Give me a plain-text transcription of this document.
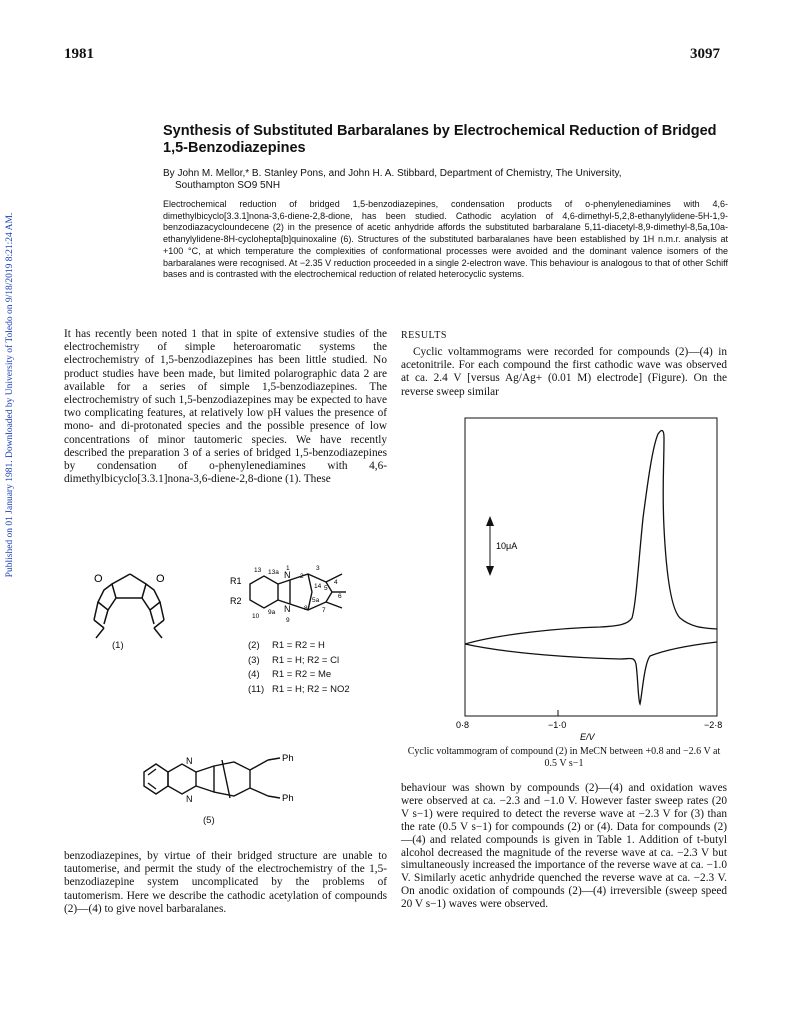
1981	3097
Published on 01 January 1981. Downloaded by University of Toledo on 9/18/2019 8:21:24 AM.
Synthesis of Substituted Barbaralanes by Electrochemical Reduction of Bridged 1,5-Benzodiazepines
By John M. Mellor,* B. Stanley Pons, and John H. A. Stibbard, Department of Chemistry, The University,
Southampton SO9 5NH
Electrochemical reduction of bridged 1,5-benzodiazepines, condensation products of o-phenylenediamines with 4,6-dimethylbicyclo[3.3.1]nona-3,6-diene-2,8-dione, has been studied. Cathodic acylation of 4,6-dimethyl-5,2,8-ethanylylidene-5H-1,9-benzodiazacycloundecene (2) in the presence of acetic anhydride affords the substituted barbaralane 5,11-diacetyl-8,9-dimethyl-8,5a,10a-ethanylylidene-8H-cyclohepta[b]quinoxaline (6). Structures of the substituted barbaralanes have been established by 1H n.m.r. analysis at +100 °C, at which temperature the complexities of conformational processes were avoided and the dominant valence isomers of the barbaralanes were recognised. At −2.35 V reduction proceeded in a single 2-electron wave. This behaviour is analogous to that of other Schiff bases and is contrasted with the electrochemical reduction of related heterocyclic systems.

It has recently been noted 1 that in spite of extensive studies of the electrochemistry of simple heteroaromatic systems the electrochemistry of 1,5-benzodiazepines has been little studied. No product studies have been made, but limited polarographic data 2 are available for a series of simple 1,5-benzodiazepines. The electrochemistry of such 1,5-benzodiazepines may be expected to have two complicating features, at relatively low pH values the presence of mono- and di-protonated species and the possible presence of low concentrations of minor tautomeric species. We have recently described the preparation 3 of a series of bridged 1,5-benzodiazepines by condensation of o-phenylenediamines with 4,6-dimethylbicyclo[3.3.1]nona-3,6-diene-2,8-dione (1). These

O	O
(1)
R1
R2
N
N
13 13a
1
2
3
4
5
14
6
5a
8 7
9
9a
10
(2) R1 = R2 = H
(3) R1 = H; R2 = Cl
(4) R1 = R2 = Me
(11) R1 = H; R2 = NO2
N
N
Ph
Ph
(5)

benzodiazepines, by virtue of their bridged structure are unable to tautomerise, and permit the study of the electrochemistry of the 1,5-benzodiazepine system uncomplicated by the problems of tautomerism. Here we describe the cathodic acetylation of compounds (2)—(4) to give novel barbaralanes.

RESULTS

Cyclic voltammograms were recorded for compounds (2)—(4) in acetonitrile. For each compound the first cathodic wave was observed at ca. 2.4 V [versus Ag/Ag+ (0.01 M) electrode] (Figure). On the reverse sweep similar

10μA
0·8	−1·0	−2·8
E/V
Cyclic voltammogram of compound (2) in MeCN between +0.8 and −2.6 V at 0.5 V s−1

behaviour was shown by compounds (2)—(4) and oxidation waves were observed at ca. −2.3 and −1.0 V. However faster sweep rates (20 V s−1) were required to detect the reverse wave at −2.3 V for (3) than the rate (0.5 V s−1) for compounds (2) or (4). Data for compounds (2)—(4) and related compounds is given in Table 1. Addition of t-butyl alcohol decreased the magnitude of the reverse wave at ca. −2.3 V but simultaneously increased the importance of the reverse wave at ca. −1.0 V. Similarly acetic anhydride quenched the reverse wave at ca. −2.3 V. On anodic oxidation of compounds (2)—(4) irreversible (sweep speed 20 V s−1) waves were observed.
